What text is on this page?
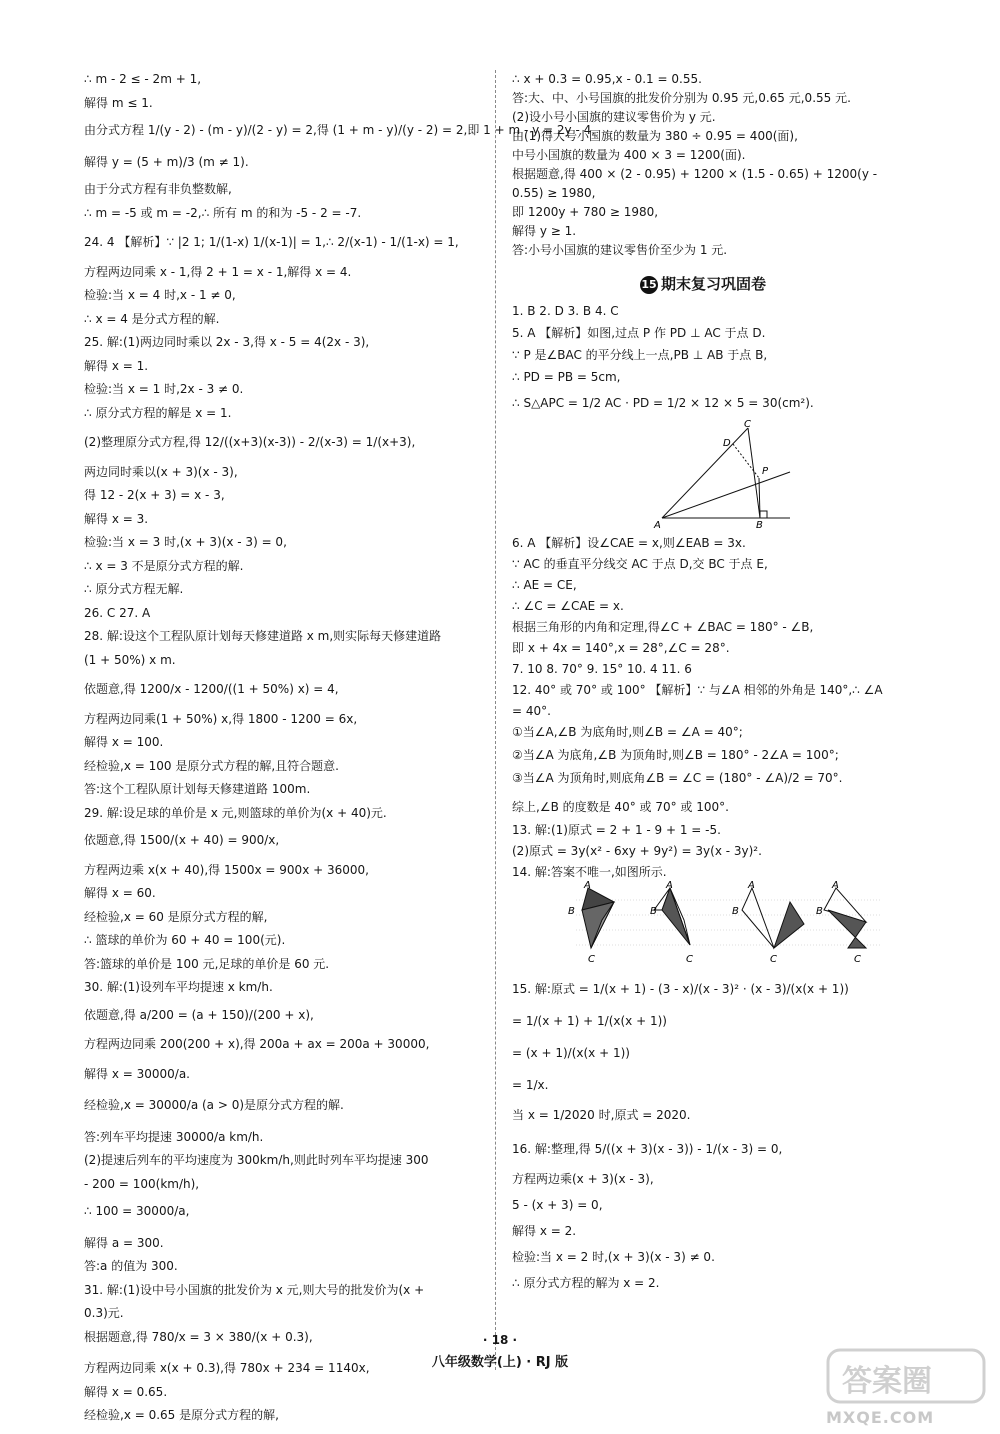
∴ m - 2 ≤ - 2m + 1,
解得 m ≤ 1.
由分式方程 1/(y - 2) - (m - y)/(2 - y) = 2,得 (1 + m - y)/(y - 2) = 2,即 1 + m - y = 2y - 4,
解得 y = (5 + m)/3 (m ≠ 1).
由于分式方程有非负整数解,
∴ m = -5 或 m = -2,∴ 所有 m 的和为 -5 - 2 = -7.
24. 4 【解析】∵ |2 1; 1/(1-x) 1/(x-1)| = 1,∴ 2/(x-1) - 1/(1-x) = 1,
方程两边同乘 x - 1,得 2 + 1 = x - 1,解得 x = 4.
检验:当 x = 4 时,x - 1 ≠ 0,
∴ x = 4 是分式方程的解.
25. 解:(1)两边同时乘以 2x - 3,得 x - 5 = 4(2x - 3),
解得 x = 1.
检验:当 x = 1 时,2x - 3 ≠ 0.
∴ 原分式方程的解是 x = 1.
(2)整理原分式方程,得 12/((x+3)(x-3)) - 2/(x-3) = 1/(x+3),
两边同时乘以(x + 3)(x - 3),
得 12 - 2(x + 3) = x - 3,
解得 x = 3.
检验:当 x = 3 时,(x + 3)(x - 3) = 0,
∴ x = 3 不是原分式方程的解.
∴ 原分式方程无解.
26. C 27. A
28. 解:设这个工程队原计划每天修建道路 x m,则实际每天修建道路
(1 + 50%) x m.
依题意,得 1200/x - 1200/((1 + 50%) x) = 4,
方程两边同乘(1 + 50%) x,得 1800 - 1200 = 6x,
解得 x = 100.
经检验,x = 100 是原分式方程的解,且符合题意.
答:这个工程队原计划每天修建道路 100m.
29. 解:设足球的单价是 x 元,则篮球的单价为(x + 40)元.
依题意,得 1500/(x + 40) = 900/x,
方程两边乘 x(x + 40),得 1500x = 900x + 36000,
解得 x = 60.
经检验,x = 60 是原分式方程的解,
∴ 篮球的单价为 60 + 40 = 100(元).
答:篮球的单价是 100 元,足球的单价是 60 元.
30. 解:(1)设列车平均提速 x km/h.
依题意,得 a/200 = (a + 150)/(200 + x),
方程两边同乘 200(200 + x),得 200a + ax = 200a + 30000,
解得 x = 30000/a.
经检验,x = 30000/a (a > 0)是原分式方程的解.
答:列车平均提速 30000/a km/h.
(2)提速后列车的平均速度为 300km/h,则此时列车平均提速 300
- 200 = 100(km/h),
∴ 100 = 30000/a,
解得 a = 300.
答:a 的值为 300.
31. 解:(1)设中号小国旗的批发价为 x 元,则大号的批发价为(x +
0.3)元.
根据题意,得 780/x = 3 × 380/(x + 0.3),
方程两边同乘 x(x + 0.3),得 780x + 234 = 1140x,
解得 x = 0.65.
经检验,x = 0.65 是原分式方程的解,
∴ x + 0.3 = 0.95,x - 0.1 = 0.55.
答:大、中、小号国旗的批发价分别为 0.95 元,0.65 元,0.55 元.
(2)设小号小国旗的建议零售价为 y 元.
由(1)得大号小国旗的数量为 380 ÷ 0.95 = 400(面),
中号小国旗的数量为 400 × 3 = 1200(面).
根据题意,得 400 × (2 - 0.95) + 1200 × (1.5 - 0.65) + 1200(y -
0.55) ≥ 1980,
即 1200y + 780 ≥ 1980,
解得 y ≥ 1.
答:小号小国旗的建议零售价至少为 1 元.
15 期末复习巩固卷
A	B
C
D
P
A
B
C
A
B
C
A
B
C
A
B
C
· 18 ·
八年级数学(上) · RJ 版
答案圈
MXQE.COM
1. B 2. D 3. B 4. C
5. A 【解析】如图,过点 P 作 PD ⊥ AC 于点 D.
∵ P 是∠BAC 的平分线上一点,PB ⊥ AB 于点 B,
∴ PD = PB = 5cm,
∴ S△APC = 1/2 AC · PD = 1/2 × 12 × 5 = 30(cm²).
6. A 【解析】设∠CAE = x,则∠EAB = 3x.
∵ AC 的垂直平分线交 AC 于点 D,交 BC 于点 E,
∴ AE = CE,
∴ ∠C = ∠CAE = x.
根据三角形的内角和定理,得∠C + ∠BAC = 180° - ∠B,
即 x + 4x = 140°,x = 28°,∠C = 28°.
7. 10 8. 70° 9. 15° 10. 4 11. 6
12. 40° 或 70° 或 100° 【解析】∵ 与∠A 相邻的外角是 140°,∴ ∠A
= 40°.
①当∠A,∠B 为底角时,则∠B = ∠A = 40°;
②当∠A 为底角,∠B 为顶角时,则∠B = 180° - 2∠A = 100°;
③当∠A 为顶角时,则底角∠B = ∠C = (180° - ∠A)/2 = 70°.
综上,∠B 的度数是 40° 或 70° 或 100°.
13. 解:(1)原式 = 2 + 1 - 9 + 1 = -5.
(2)原式 = 3y(x² - 6xy + 9y²) = 3y(x - 3y)².
14. 解:答案不唯一,如图所示.
15. 解:原式 = 1/(x + 1) - (3 - x)/(x - 3)² · (x - 3)/(x(x + 1))
= 1/(x + 1) + 1/(x(x + 1))
= (x + 1)/(x(x + 1))
= 1/x.
当 x = 1/2020 时,原式 = 2020.
16. 解:整理,得 5/((x + 3)(x - 3)) - 1/(x - 3) = 0,
方程两边乘(x + 3)(x - 3),
5 - (x + 3) = 0,
解得 x = 2.
检验:当 x = 2 时,(x + 3)(x - 3) ≠ 0.
∴ 原分式方程的解为 x = 2.
